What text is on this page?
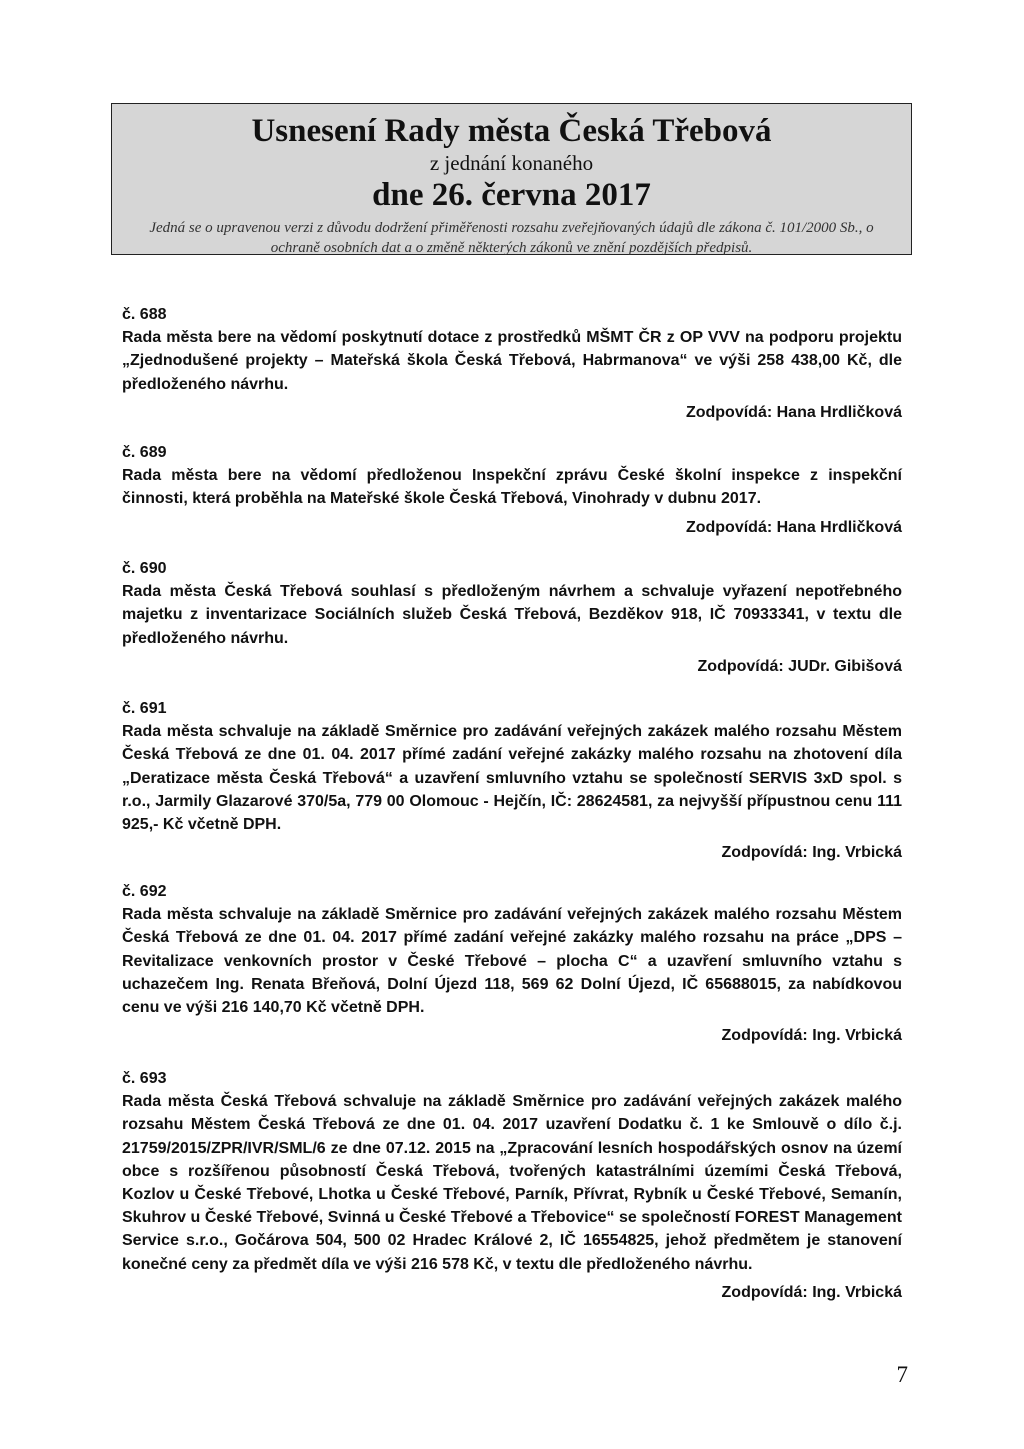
Usnesení Rady města Česká Třebová
z jednání konaného
dne 26. června 2017
Jedná se o upravenou verzi z důvodu dodržení přiměřenosti rozsahu zveřejňovaných údajů dle zákona č. 101/2000 Sb., o ochraně osobních dat a o změně některých zákonů ve znění pozdějších předpisů.
č. 688
Rada města bere na vědomí poskytnutí dotace z prostředků MŠMT ČR z OP VVV na podporu projektu „Zjednodušené projekty – Mateřská škola Česká Třebová, Habrmanova“ ve výši 258 438,00 Kč, dle předloženého návrhu.
Zodpovídá: Hana Hrdličková
č. 689
Rada města bere na vědomí předloženou Inspekční zprávu České školní inspekce z inspekční činnosti, která proběhla na Mateřské škole Česká Třebová, Vinohrady v dubnu 2017.
Zodpovídá: Hana Hrdličková
č. 690
Rada města Česká Třebová souhlasí s předloženým návrhem a schvaluje vyřazení nepotřebného majetku z inventarizace Sociálních služeb Česká Třebová, Bezděkov 918, IČ 70933341, v textu dle předloženého návrhu.
Zodpovídá: JUDr. Gibišová
č. 691
Rada města schvaluje na základě Směrnice pro zadávání veřejných zakázek malého rozsahu Městem Česká Třebová ze dne 01. 04. 2017 přímé zadání veřejné zakázky malého rozsahu na zhotovení díla „Deratizace města Česká Třebová“ a uzavření smluvního vztahu se společností SERVIS 3xD spol. s r.o., Jarmily Glazarové 370/5a, 779 00 Olomouc - Hejčín, IČ: 28624581, za nejvyšší přípustnou cenu 111 925,- Kč včetně DPH.
Zodpovídá: Ing. Vrbická
č. 692
Rada města schvaluje na základě Směrnice pro zadávání veřejných zakázek malého rozsahu Městem Česká Třebová ze dne 01. 04. 2017 přímé zadání veřejné zakázky malého rozsahu na práce „DPS – Revitalizace venkovních prostor v České Třebové – plocha C“ a uzavření smluvního vztahu s uchazečem Ing. Renata Břeňová, Dolní Újezd 118, 569 62 Dolní Újezd, IČ 65688015, za nabídkovou cenu ve výši 216 140,70 Kč včetně DPH.
Zodpovídá: Ing. Vrbická
č. 693
Rada města Česká Třebová schvaluje na základě Směrnice pro zadávání veřejných zakázek malého rozsahu Městem Česká Třebová ze dne 01. 04. 2017 uzavření Dodatku č. 1 ke Smlouvě o dílo č.j. 21759/2015/ZPR/IVR/SML/6 ze dne 07.12. 2015 na „Zpracování lesních hospodářských osnov na území obce s rozšířenou působností Česká Třebová, tvořených katastrálními územími Česká Třebová, Kozlov u České Třebové, Lhotka u České Třebové, Parník, Přívrat, Rybník u České Třebové, Semanín, Skuhrov u České Třebové, Svinná u České Třebové a Třebovice“ se společností FOREST Management Service s.r.o., Gočárova 504, 500 02 Hradec Králové 2, IČ 16554825, jehož předmětem je stanovení konečné ceny za předmět díla ve výši 216 578 Kč, v textu dle předloženého návrhu.
Zodpovídá: Ing. Vrbická
7
